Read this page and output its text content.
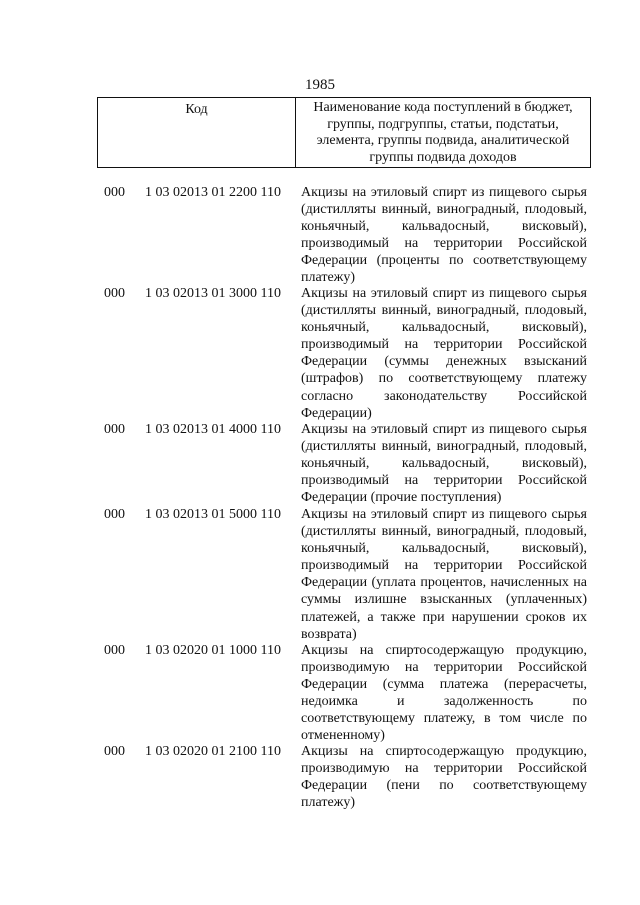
1985
Код	Наименование кода поступлений в бюджет, группы, подгруппы, статьи, подстатьи, элемента, группы подвида, аналитической группы подвида доходов
000 1 03 02013 01 2200 110 Акцизы на этиловый спирт из пищевого сырья (дистилляты винный, виноградный, плодовый, коньячный, кальвадосный, висковый), производимый на территории Российской Федерации (проценты по соответствующему платежу)
000 1 03 02013 01 3000 110 Акцизы на этиловый спирт из пищевого сырья (дистилляты винный, виноградный, плодовый, коньячный, кальвадосный, висковый), производимый на территории Российской Федерации (суммы денежных взысканий (штрафов) по соответствующему платежу согласно законодательству Российской Федерации)
000 1 03 02013 01 4000 110 Акцизы на этиловый спирт из пищевого сырья (дистилляты винный, виноградный, плодовый, коньячный, кальвадосный, висковый), производимый на территории Российской Федерации (прочие поступления)
000 1 03 02013 01 5000 110 Акцизы на этиловый спирт из пищевого сырья (дистилляты винный, виноградный, плодовый, коньячный, кальвадосный, висковый), производимый на территории Российской Федерации (уплата процентов, начисленных на суммы излишне взысканных (уплаченных) платежей, а также при нарушении сроков их возврата)
000 1 03 02020 01 1000 110 Акцизы на спиртосодержащую продукцию, производимую на территории Российской Федерации (сумма платежа (перерасчеты, недоимка и задолженность по соответствующему платежу, в том числе по отмененному)
000 1 03 02020 01 2100 110 Акцизы на спиртосодержащую продукцию, производимую на территории Российской Федерации (пени по соответствующему платежу)
